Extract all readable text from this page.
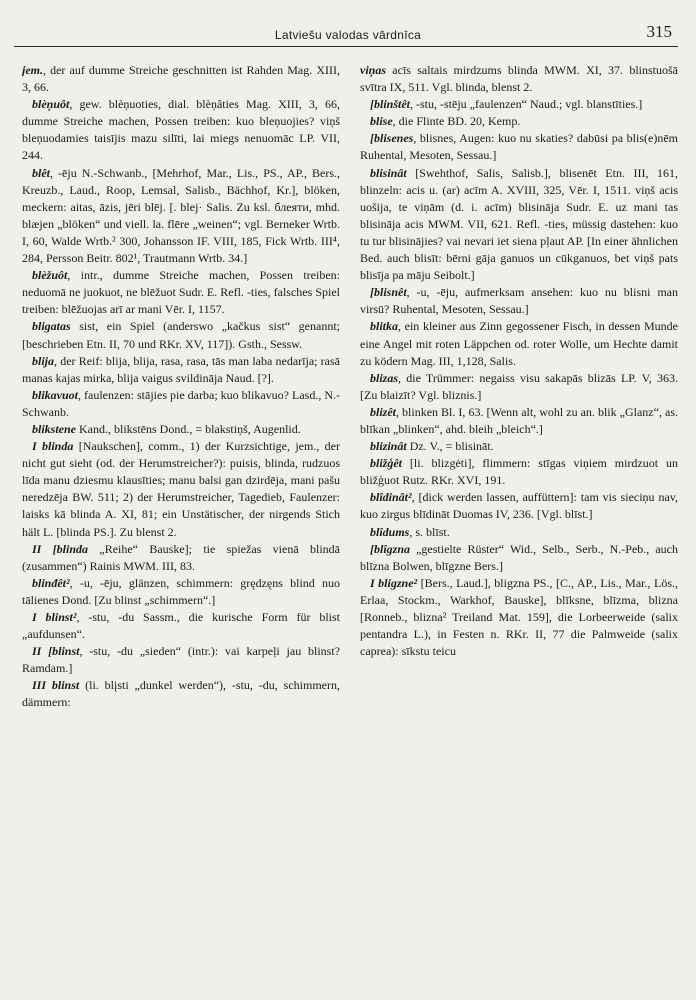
Latviešu valodas vārdnīca	315

jem., der auf dumme Streiche geschnitten ist Rahden Mag. XIII, 3, 66.

blèņuôt, gew. blèņuoties, dial. blèņâties Mag. XIII, 3, 66, dumme Streiche machen, Possen treiben: kuo bleņuojies? viņš bleņuodamies taisījis mazu silīti, lai miegs nenuomāc LP. VII, 244.

blêt, -ēju N.-Schwanb., [Mehrhof, Mar., Lis., PS., AP., Bers., Kreuzb., Laud., Roop, Lemsal, Salisb., Bächhof, Kr.], blöken, meckern: aitas, āzis, jēri blēj. [. blej· Salis. Zu ksl. блеяти, mhd. blæjen „blöken“ und viell. la. flēre „weinen“; vgl. Berneker Wrtb. I, 60, Walde Wrtb.² 300, Johansson IF. VIII, 185, Fick Wrtb. III⁴, 284, Persson Beitr. 802¹, Trautmann Wrtb. 34.]

blèžuôt, intr., dumme Streiche machen, Possen treiben: neduomā ne juokuot, ne blēžuot Sudr. E. Refl. -ties, falsches Spiel treiben: blēžuojas arī ar mani Vēr. I, 1157.

bligatas sist, ein Spiel (anderswo „kačkus sist“ genannt; [beschrieben Etn. II, 70 und RKr. XV, 117]). Gsth., Sessw.

blija, der Reif: blija, blija, rasa, rasa, tās man laba nedarīja; rasā manas kajas mirka, blija vaigus svildināja Naud. [?].

blikavuot, faulenzen: stājies pie darba; kuo blikavuo? Lasd., N.-Schwanb.

blikstene Kand., blikstēns Dond., = blakstiņš, Augenlid.

I blinda [Naukschen], comm., 1) der Kurzsichtige, jem., der nicht gut sieht (od. der Herumstreicher?): puisis, blinda, rudzuos līda manu dziesmu klausīties; manu balsi gan dzirdēja, mani pašu neredzēja BW. 511; 2) der Herumstreicher, Tagedieb, Faulenzer: laisks kā blinda A. XI, 81; ein Unstätischer, der nirgends Stich hält L. [blinda PS.]. Zu blenst 2.

II [blinda „Reihe“ Bauske]; tie spiežas vienā blindā (zusammen“) Rainis MWM. III, 83.

blinđêt², -u, -ēju, glänzen, schimmern: grędzęns blind nuo tālienes Dond. [Zu blinst „schimmern“.]

I blinst², -stu, -du Sassm., die kurische Form für blist „aufdunsen“.

II [blinst, -stu, -du „sieden“ (intr.): vai karpeļi jau blinst? Ramdam.]

III blinst (li. blįsti „dunkel werden“), -stu, -du, schimmern, dämmern:

viņas acīs saltais mirdzums blinda MWM. XI, 37. blinstuošā svītra IX, 511. Vgl. blinda, blenst 2.

[blinštêt, -stu, -stēju „faulenzen“ Naud.; vgl. blanstīties.]

blise, die Flinte BD. 20, Kemp.

[blisenes, blisnes, Augen: kuo nu skaties? dabūsi pa blis(e)nēm Ruhental, Mesoten, Sessau.]

blisinât [Swehthof, Salis, Salisb.], blisenēt Etn. III, 161, blinzeln: acis u. (ar) acīm A. XVIII, 325, Vēr. I, 1511. viņš acis uošija, te viņām (d. i. acīm) blisināja Sudr. E. uz mani tas blisināja acis MWM. VII, 621. Refl. -ties, müssig dastehen: kuo tu tur blisinājies? vai nevari iet siena pļaut AP. [In einer ähnlichen Bed. auch blisīt: bērni gāja ganuos un cūkganuos, bet viņš pats blisīja pa māju Seibolt.]

[blisnêt, -u, -ēju, aufmerksam ansehen: kuo nu blisni man virsū? Ruhental, Mesoten, Sessau.]

blitka, ein kleiner aus Zinn gegossener Fisch, in dessen Munde eine Angel mit roten Läppchen od. roter Wolle, um Hechte damit zu ködern Mag. III, 1,128, Salis.

blizas, die Trümmer: negaiss visu sakapās blizās LP. V, 363. [Zu blaizīt? Vgl. bliznis.]

blizêt, blinken Bl. I, 63. [Wenn alt, wohl zu an. blik „Glanz“, as. blīkan „blinken“, ahd. bleih „bleich“.]

blizinât Dz. V., = blisināt.

bližģêt [li. blizgėti], flimmern: stīgas viņiem mirdzuot un bližģuot Rutz. RKr. XVI, 191.

blîdinât², [dick werden lassen, auffüttern]: tam vis sieciņu nav, kuo zirgus blīdināt Duomas IV, 236. [Vgl. blīst.]

blîdums, s. blīst.

[blîgzna „gestielte Rüster“ Wid., Selb., Serb., N.-Peb., auch blīzna Bolwen, blīgzne Bers.]

I bligzne² [Bers., Laud.], bligzna PS., [C., AP., Lis., Mar., Lös., Erlaa, Stockm., Warkhof, Bauske], blīksne, blīzma, blizna [Ronneb., blizna² Treiland Mat. 159], die Lorbeerweide (salix pentandra L.), in Festen n. RKr. II, 77 die Palmweide (salix caprea): sīkstu teicu
